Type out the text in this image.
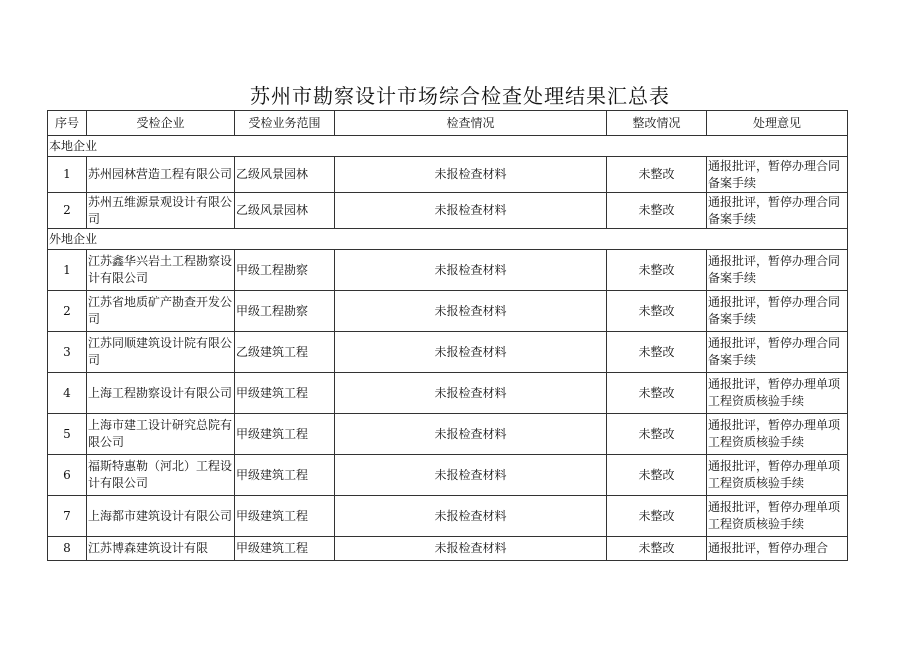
苏州市勘察设计市场综合检查处理结果汇总表
序号	受检企业	受检业务范围	检查情况	整改情况	处理意见
本地企业					
1	苏州园林营造工程有限公司	乙级风景园林	未报检查材料	未整改	通报批评，暂停办理合同备案手续
2	苏州五维源景观设计有限公司	乙级风景园林	未报检查材料	未整改	通报批评，暂停办理合同备案手续
外地企业					
1	江苏鑫华兴岩土工程勘察设计有限公司	甲级工程勘察	未报检查材料	未整改	通报批评，暂停办理合同备案手续
2	江苏省地质矿产勘查开发公司	甲级工程勘察	未报检查材料	未整改	通报批评，暂停办理合同备案手续
3	江苏同顺建筑设计院有限公司	乙级建筑工程	未报检查材料	未整改	通报批评，暂停办理合同备案手续
4	上海工程勘察设计有限公司	甲级建筑工程	未报检查材料	未整改	通报批评，暂停办理单项工程资质核验手续
5	上海市建工设计研究总院有限公司	甲级建筑工程	未报检查材料	未整改	通报批评，暂停办理单项工程资质核验手续
6	福斯特惠勒（河北）工程设计有限公司	甲级建筑工程	未报检查材料	未整改	通报批评，暂停办理单项工程资质核验手续
7	上海都市建筑设计有限公司	甲级建筑工程	未报检查材料	未整改	通报批评，暂停办理单项工程资质核验手续
8	江苏博森建筑设计有限	甲级建筑工程	未报检查材料	未整改	通报批评，暂停办理合
